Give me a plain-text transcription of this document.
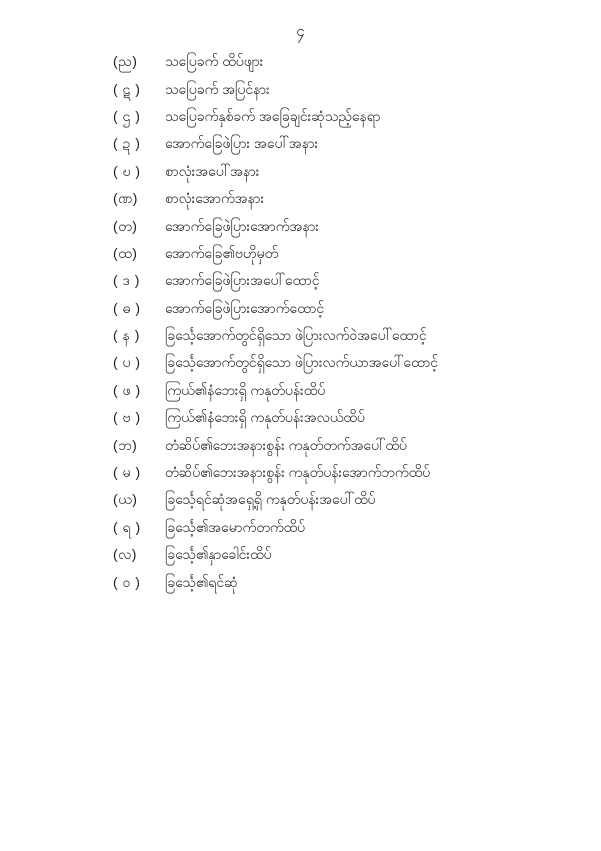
၄
(ည)	သပြေခက် ထိပ်ဖျား
( ဋ )	သပြေခက် အပြင်နား
( ဌ )	သပြေခက်နှစ်ခက် အခြေချင်းဆုံသည့်နေရာ
( ဍ )	အောက်ခြေဖဲပြား အပေါ်အနား
( ဎ )	စာလုံးအပေါ်အနား
(ဏ)	စာလုံးအောက်အနား
(တ)	အောက်ခြေဖဲပြားအောက်အနား
(ထ)	အောက်ခြေ၏ဗဟိုမှတ်
( ဒ )	အောက်ခြေဖဲပြားအပေါ်ထောင့်
( ဓ )	အောက်ခြေဖဲပြားအောက်ထောင့်
( န )	ခြင်္သေ့အောက်တွင်ရှိသော ဖဲပြားလက်ဝဲအပေါ်ထောင့်
( ပ )	ခြင်္သေ့အောက်တွင်ရှိသော ဖဲပြားလက်ယာအပေါ်ထောင့်
( ဖ )	ကြယ်၏နံဘေးရှိ ကနုတ်ပန်းထိပ်
( ဗ )	ကြယ်၏နံဘေးရှိ ကနုတ်ပန်းအလယ်ထိပ်
(ဘ)	တံဆိပ်၏ဘေးအနားစွန်း ကနုတ်တက်အပေါ်ထိပ်
( မ )	တံဆိပ်၏ဘေးအနားစွန်း ကနုတ်ပန်းအောက်ဘက်ထိပ်
(ယ)	ခြင်္သေ့ရင်ဆုံအရှေ့ရှိ ကနုတ်ပန်းအပေါ်ထိပ်
( ရ )	ခြင်္သေ့၏အမောက်တက်ထိပ်
(လ)	ခြင်္သေ့၏နှာခေါင်းထိပ်
( ဝ )	ခြင်္သေ့၏ရင်ဆုံ
